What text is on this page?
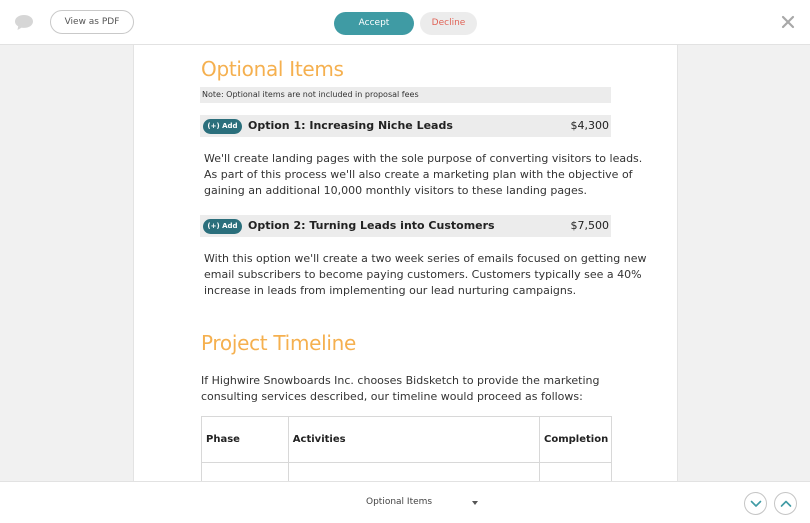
View as PDF	Accept	Decline
Optional Items
Note: Optional items are not included in proposal fees
(+) Add Option 1: Increasing Niche Leads	$4,300
We'll create landing pages with the sole purpose of converting visitors to leads.
As part of this process we'll also create a marketing plan with the objective of
gaining an additional 10,000 monthly visitors to these landing pages.
(+) Add Option 2: Turning Leads into Customers	$7,500
With this option we'll create a two week series of emails focused on getting new
email subscribers to become paying customers. Customers typically see a 40%
increase in leads from implementing our lead nurturing campaigns.
Project Timeline
If Highwire Snowboards Inc. chooses Bidsketch to provide the marketing
consulting services described, our timeline would proceed as follows:
Phase	Activities	Completion

Optional Items
